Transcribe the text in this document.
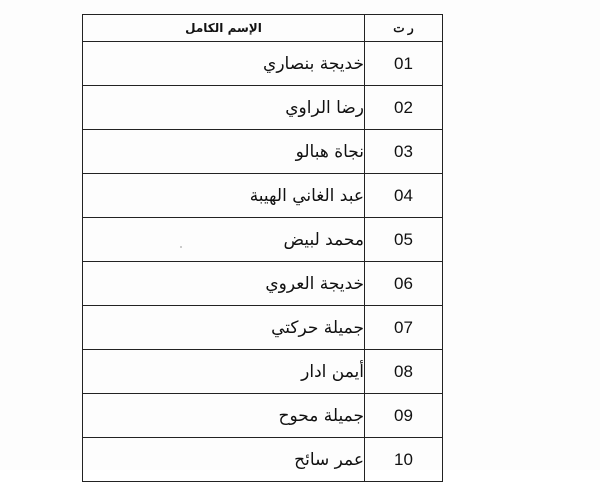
ر ت	الإسم الكامل
01	خديجة بنصاري
02	رضا الراوي
03	نجاة هبالو
04	عبد الغاني الهيبة
05	محمد لبيض
06	خديجة العروي
07	جميلة حركتي
08	أيمن ادار
09	جميلة محوح
10	عمر سائح
